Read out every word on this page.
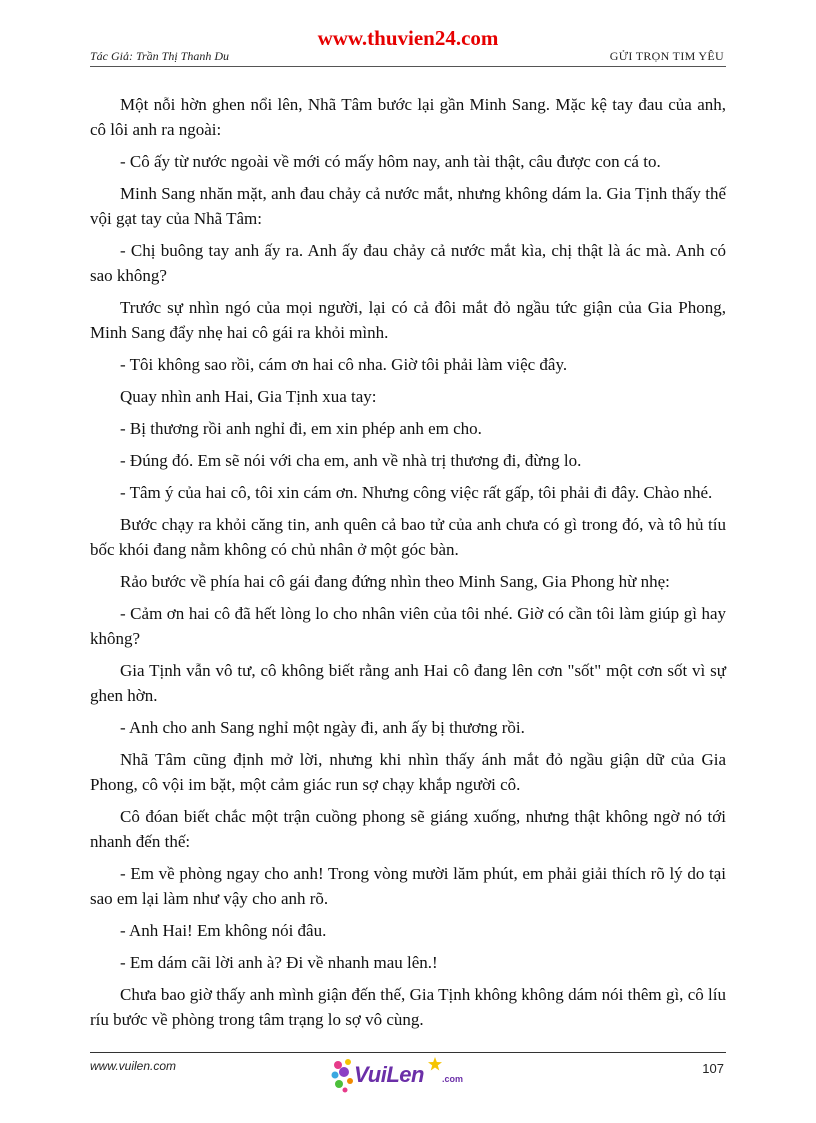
www.thuvien24.com
Tác Giả: Trần Thị Thanh Du	GỬI TRỌN TIM YÊU

Một nỗi hờn ghen nổi lên, Nhã Tâm bước lại gần Minh Sang. Mặc kệ tay đau của anh, cô lôi anh ra ngoài:

- Cô ấy từ nước ngoài về mới có mấy hôm nay, anh tài thật, câu được con cá to.

Minh Sang nhăn mặt, anh đau chảy cả nước mắt, nhưng không dám la. Gia Tịnh thấy thế vội gạt tay của Nhã Tâm:

- Chị buông tay anh ấy ra. Anh ấy đau chảy cả nước mắt kìa, chị thật là ác mà. Anh có sao không?

Trước sự nhìn ngó của mọi người, lại có cả đôi mắt đỏ ngầu tức giận của Gia Phong, Minh Sang đẩy nhẹ hai cô gái ra khỏi mình.

- Tôi không sao rồi, cám ơn hai cô nha. Giờ tôi phải làm việc đây.

Quay nhìn anh Hai, Gia Tịnh xua tay:

- Bị thương rồi anh nghỉ đi, em xin phép anh em cho.

- Đúng đó. Em sẽ nói với cha em, anh về nhà trị thương đi, đừng lo.

- Tâm ý của hai cô, tôi xin cám ơn. Nhưng công việc rất gấp, tôi phải đi đây. Chào nhé.

Bước chạy ra khỏi căng tin, anh quên cả bao tử của anh chưa có gì trong đó, và tô hủ tíu bốc khói đang nằm không có chủ nhân ở một góc bàn.

Rảo bước về phía hai cô gái đang đứng nhìn theo Minh Sang, Gia Phong hừ nhẹ:

- Cảm ơn hai cô đã hết lòng lo cho nhân viên của tôi nhé. Giờ có cần tôi làm giúp gì hay không?

Gia Tịnh vẫn vô tư, cô không biết rằng anh Hai cô đang lên cơn "sốt" một cơn sốt vì sự ghen hờn.

- Anh cho anh Sang nghỉ một ngày đi, anh ấy bị thương rồi.

Nhã Tâm cũng định mở lời, nhưng khi nhìn thấy ánh mắt đỏ ngầu giận dữ của Gia Phong, cô vội im bặt, một cảm giác run sợ chạy khắp người cô.

Cô đóan biết chắc một trận cuồng phong sẽ giáng xuống, nhưng thật không ngờ nó tới nhanh đến thế:

- Em về phòng ngay cho anh! Trong vòng mười lăm phút, em phải giải thích rõ lý do tại sao em lại làm như vậy cho anh rõ.

- Anh Hai! Em không nói đâu.

- Em dám cãi lời anh à? Đi về nhanh mau lên.!

Chưa bao giờ thấy anh mình giận đến thế, Gia Tịnh không không dám nói thêm gì, cô líu ríu bước về phòng trong tâm trạng lo sợ vô cùng.

www.vuilen.com	VuiLen .com
107
